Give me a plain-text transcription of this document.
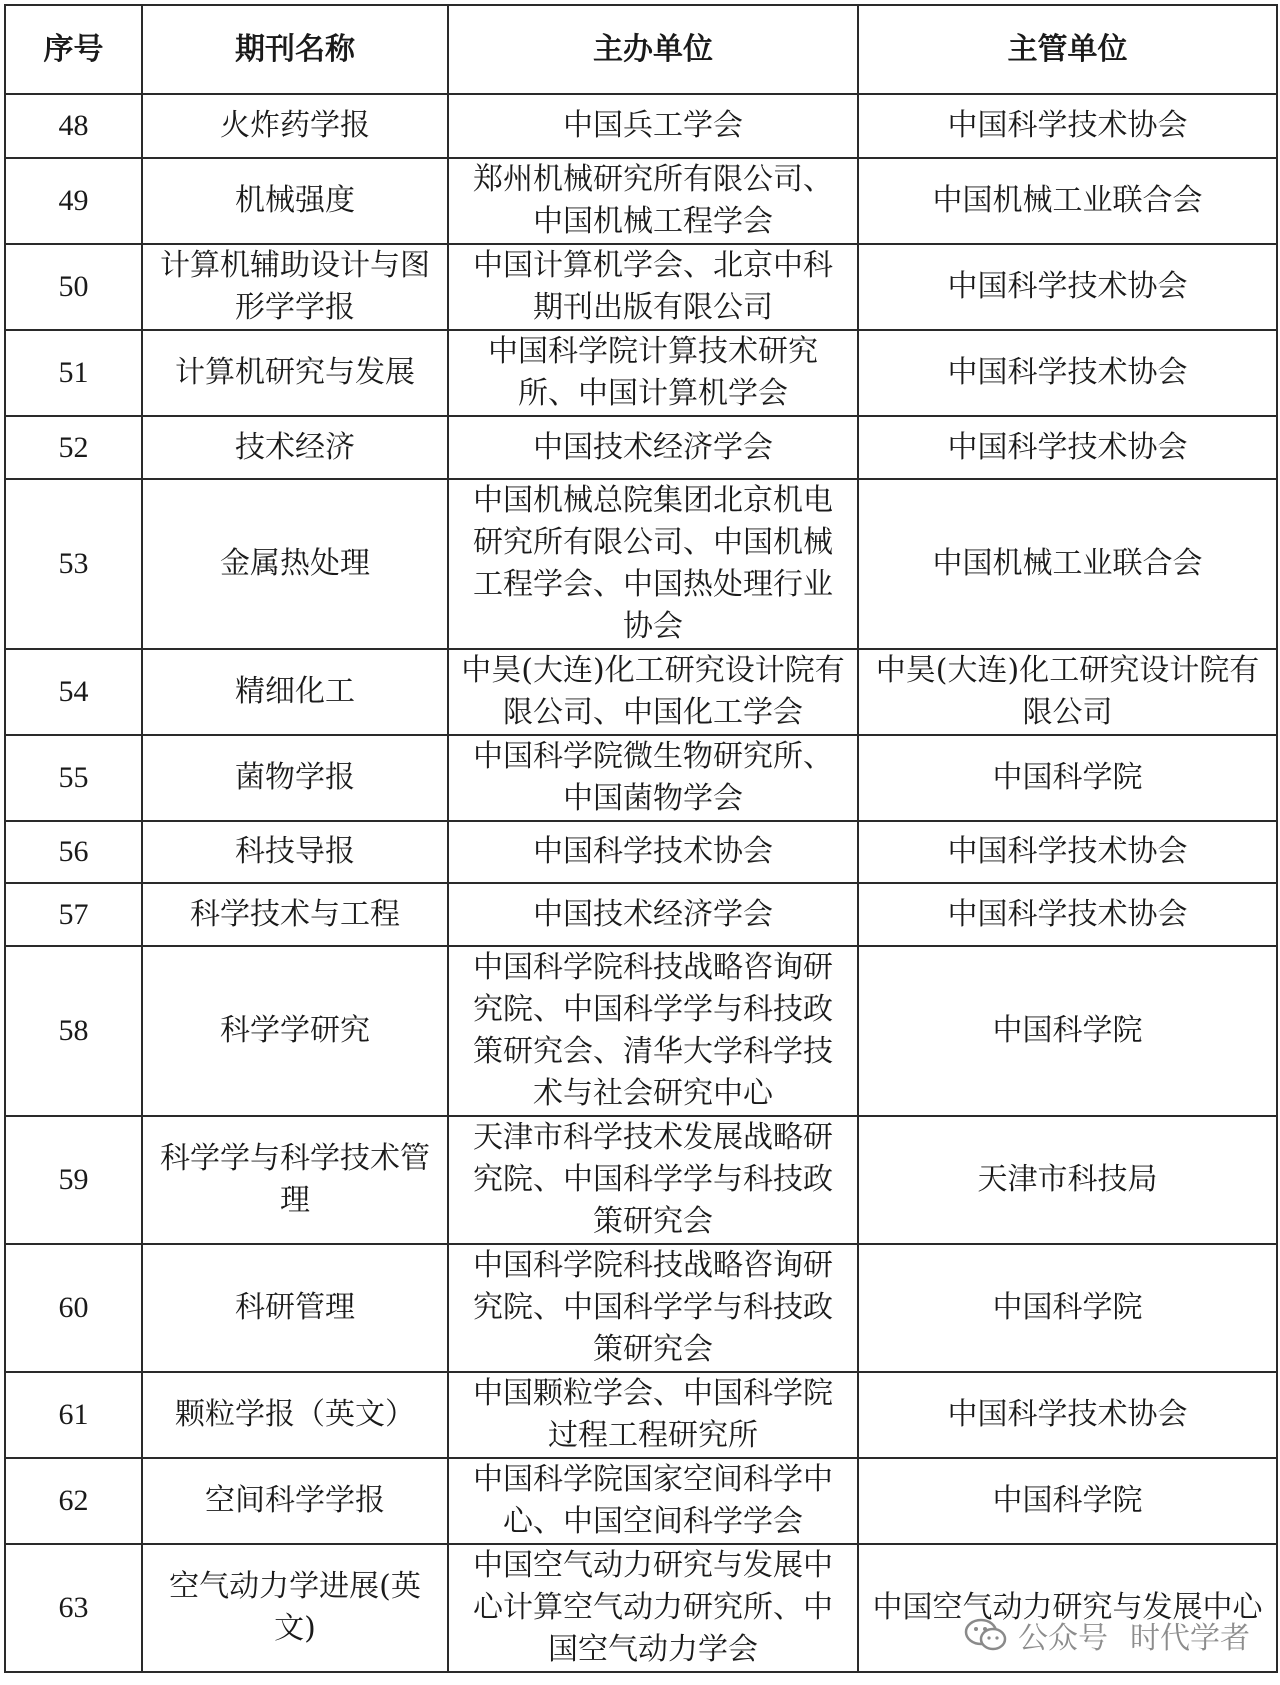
序号	期刊名称	主办单位	主管单位
48	火炸药学报	中国兵工学会	中国科学技术协会
49	机械强度	郑州机械研究所有限公司、中国机械工程学会	中国机械工业联合会
50	计算机辅助设计与图形学学报	中国计算机学会、北京中科期刊出版有限公司	中国科学技术协会
51	计算机研究与发展	中国科学院计算技术研究所、中国计算机学会	中国科学技术协会
52	技术经济	中国技术经济学会	中国科学技术协会
53	金属热处理	中国机械总院集团北京机电研究所有限公司、中国机械工程学会、中国热处理行业协会	中国机械工业联合会
54	精细化工	中昊(大连)化工研究设计院有限公司、中国化工学会	中昊(大连)化工研究设计院有限公司
55	菌物学报	中国科学院微生物研究所、中国菌物学会	中国科学院
56	科技导报	中国科学技术协会	中国科学技术协会
57	科学技术与工程	中国技术经济学会	中国科学技术协会
58	科学学研究	中国科学院科技战略咨询研究院、中国科学学与科技政策研究会、清华大学科学技术与社会研究中心	中国科学院
59	科学学与科学技术管理	天津市科学技术发展战略研究院、中国科学学与科技政策研究会	天津市科技局
60	科研管理	中国科学院科技战略咨询研究院、中国科学学与科技政策研究会	中国科学院
61	颗粒学报（英文）	中国颗粒学会、中国科学院过程工程研究所	中国科学技术协会
62	空间科学学报	中国科学院国家空间科学中心、中国空间科学学会	中国科学院
63	空气动力学进展(英文)	中国空气动力研究与发展中心计算空气动力研究所、中国空气动力学会	中国空气动力研究与发展中心
公众号 时代学者
